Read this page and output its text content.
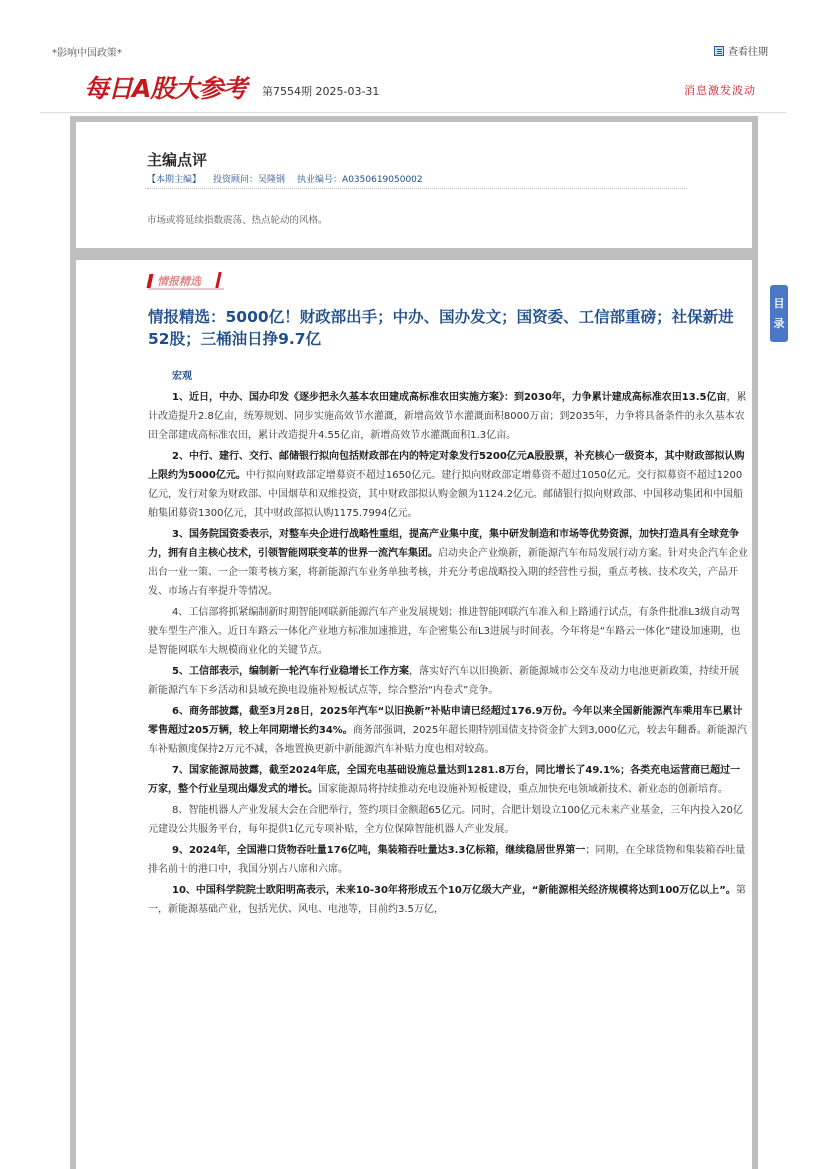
*影响中国政策*	查看往期
每日A股大参考 第7554期 2025-03-31	消息激发波动
主编点评
【本期主编】 投资顾问：吴隆钢 执业编号：A0350619050002
市场或将延续指数震荡、热点轮动的风格。
情报精选
情报精选：5000亿！财政部出手；中办、国办发文；国资委、工信部重磅；社保新进52股；三桶油日挣9.7亿
宏观

1、近日，中办、国办印发《逐步把永久基本农田建成高标准农田实施方案》：到2030年，力争累计建成高标准农田13.5亿亩，累计改造提升2.8亿亩，统筹规划、同步实施高效节水灌溉，新增高效节水灌溉面积8000万亩；到2035年，力争将具备条件的永久基本农田全部建成高标准农田，累计改造提升4.55亿亩，新增高效节水灌溉面积1.3亿亩。

2、中行、建行、交行、邮储银行拟向包括财政部在内的特定对象发行5200亿元A股股票，补充核心一级资本，其中财政部拟认购上限约为5000亿元。中行拟向财政部定增募资不超过1650亿元。建行拟向财政部定增募资不超过1050亿元。交行拟募资不超过1200亿元，发行对象为财政部、中国烟草和双维投资，其中财政部拟认购金额为1124.2亿元。邮储银行拟向财政部、中国移动集团和中国船舶集团募资1300亿元，其中财政部拟认购1175.7994亿元。

3、国务院国资委表示，对整车央企进行战略性重组，提高产业集中度，集中研发制造和市场等优势资源，加快打造具有全球竞争力，拥有自主核心技术，引领智能网联变革的世界一流汽车集团。启动央企产业焕新，新能源汽车布局发展行动方案。针对央企汽车企业出台一业一策、一企一策考核方案，将新能源汽车业务单独考核，并充分考虑战略投入期的经营性亏损，重点考核、技术攻关，产品开发、市场占有率提升等情况。

4、工信部将抓紧编制新时期智能网联新能源汽车产业发展规划；推进智能网联汽车准入和上路通行试点，有条件批准L3级自动驾驶车型生产准入。近日车路云一体化产业地方标准加速推进，车企密集公布L3进展与时间表。今年将是“车路云一体化”建设加速期，也是智能网联车大规模商业化的关键节点。

5、工信部表示，编制新一轮汽车行业稳增长工作方案，落实好汽车以旧换新、新能源城市公交车及动力电池更新政策，持续开展新能源汽车下乡活动和县域充换电设施补短板试点等，综合整治“内卷式”竞争。

6、商务部披露，截至3月28日，2025年汽车“以旧换新”补贴申请已经超过176.9万份。今年以来全国新能源汽车乘用车已累计零售超过205万辆，较上年同期增长约34%。商务部强调，2025年超长期特别国债支持资金扩大到3,000亿元，较去年翻番。新能源汽车补贴额度保持2万元不减，各地置换更新中新能源汽车补贴力度也相对较高。

7、国家能源局披露，截至2024年底，全国充电基础设施总量达到1281.8万台，同比增长了49.1%；各类充电运营商已超过一万家，整个行业呈现出爆发式的增长。国家能源局将持续推动充电设施补短板建设，重点加快充电领域新技术、新业态的创新培育。

8、智能机器人产业发展大会在合肥举行，签约项目金额超65亿元。同时，合肥计划设立100亿元未来产业基金，三年内投入20亿元建设公共服务平台，每年提供1亿元专项补贴，全方位保障智能机器人产业发展。

9、2024年，全国港口货物吞吐量176亿吨，集装箱吞吐量达3.3亿标箱，继续稳居世界第一；同期，在全球货物和集装箱吞吐量排名前十的港口中，我国分别占八席和六席。

10、中国科学院院士欧阳明高表示，未来10-30年将形成五个10万亿级大产业，“新能源相关经济规模将达到100万亿以上”。第一，新能源基础产业，包括光伏、风电、电池等，目前约3.5万亿，

目
录
